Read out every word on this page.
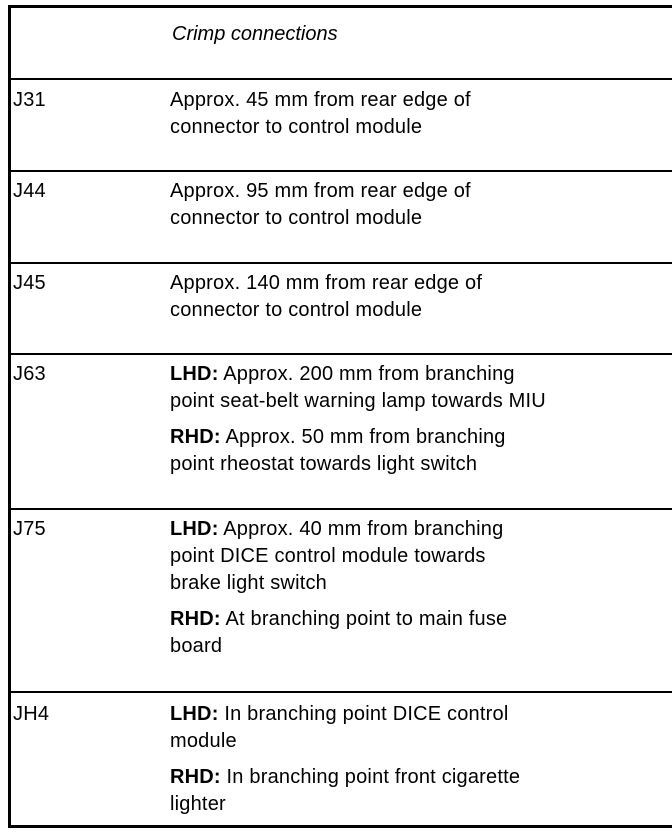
Crimp connections
J31	Approx. 45 mm from rear edge of
connector to control module
J44	Approx. 95 mm from rear edge of
connector to control module
J45	Approx. 140 mm from rear edge of
connector to control module
J63	LHD: Approx. 200 mm from branching
point seat-belt warning lamp towards MIU
RHD: Approx. 50 mm from branching
point rheostat towards light switch
J75	LHD: Approx. 40 mm from branching
point DICE control module towards
brake light switch
RHD: At branching point to main fuse
board
JH4	LHD: In branching point DICE control
module
RHD: In branching point front cigarette
lighter
